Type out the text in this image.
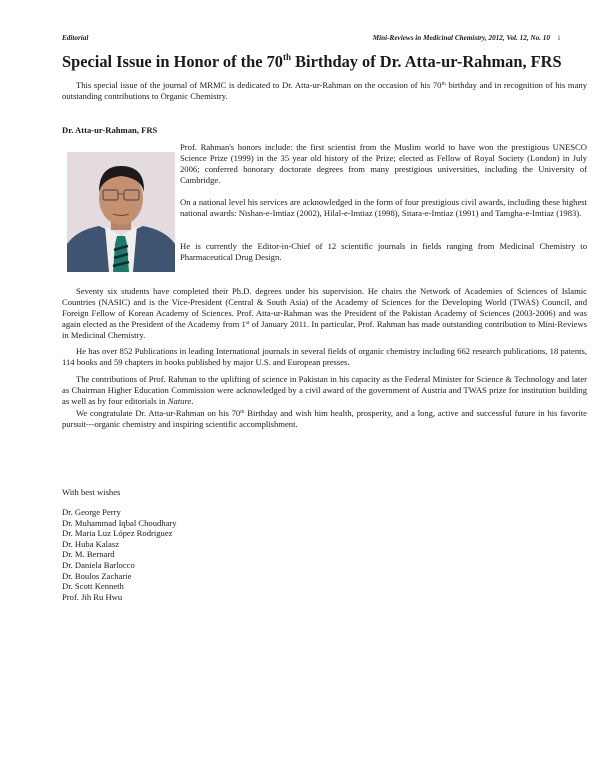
Editorial	Mini-Reviews in Medicinal Chemistry, 2012, Vol. 12, No. 10 i
Special Issue in Honor of the 70th Birthday of Dr. Atta-ur-Rahman, FRS

This special issue of the journal of MRMC is dedicated to Dr. Atta-ur-Rahman on the occasion of his 70th birthday and in recognition of his many outstanding contributions to Organic Chemistry.

Dr. Atta-ur-Rahman, FRS

Prof. Rahman's honors include: the first scientist from the Muslim world to have won the prestigious UNESCO Science Prize (1999) in the 35 year old history of the Prize; elected as Fellow of Royal Society (London) in July 2006; conferred honorary doctorate degrees from many prestigious universities, including the University of Cambridge.

On a national level his services are acknowledged in the form of four prestigious civil awards, including these highest national awards: Nishan-e-Imtiaz (2002), Hilal-e-Imtiaz (1998), Sitara-e-Imtiaz (1991) and Tamgha-e-Imtiaz (1983).

He is currently the Editor-in-Chief of 12 scientific journals in fields ranging from Medicinal Chemistry to Pharmaceutical Drug Design.

Seventy six students have completed their Ph.D. degrees under his supervision. He chairs the Network of Academies of Sciences of Islamic Countries (NASIC) and is the Vice-President (Central & South Asia) of the Academy of Sciences for the Developing World (TWAS) Council, and Foreign Fellow of Korean Academy of Sciences. Prof. Atta-ur-Rahman was the President of the Pakistan Academy of Sciences (2003-2006) and was again elected as the President of the Academy from 1st of January 2011. In particular, Prof. Rahman has made outstanding contribution to Mini-Reviews in Medicinal Chemistry.

He has over 852 Publications in leading International journals in several fields of organic chemistry including 662 research publications, 18 patents, 114 books and 59 chapters in books published by major U.S. and European presses.

The contributions of Prof. Rahman to the uplifting of science in Pakistan in his capacity as the Federal Minister for Science & Technology and later as Chairman Higher Education Commission were acknowledged by a civil award of the government of Austria and TWAS prize for institution building as well as by four editorials in Nature.

We congratulate Dr. Atta-ur-Rahman on his 70th Birthday and wish him health, prosperity, and a long, active and successful future in his favorite pursuit---organic chemistry and inspiring scientific accomplishment.

With best wishes
Dr. George Perry
Dr. Muhammad Iqbal Choudhary
Dr. Maria Luz López Rodriguez
Dr. Huba Kalasz
Dr. M. Bernard
Dr. Daniela Barlocco
Dr. Boulos Zacharie
Dr. Scott Kenneth
Prof. Jih Ru Hwu
